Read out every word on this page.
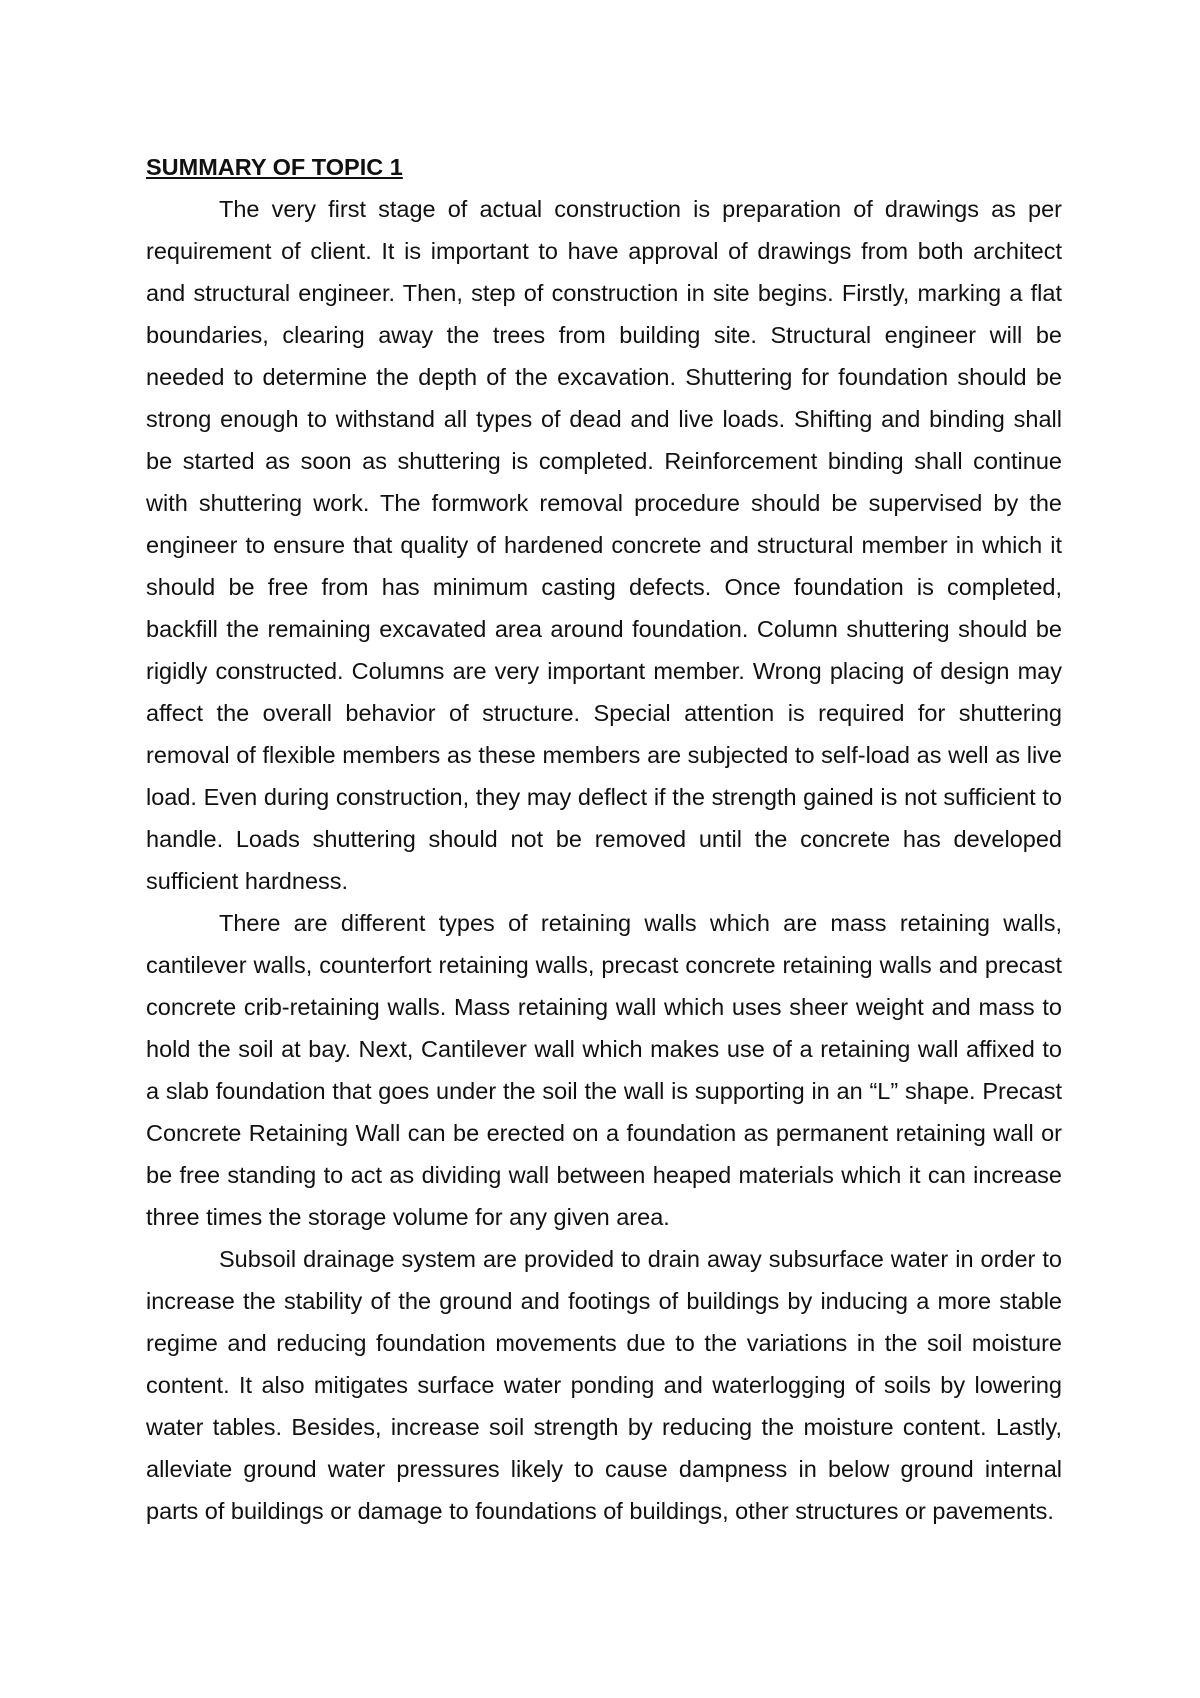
SUMMARY OF TOPIC 1

The very first stage of actual construction is preparation of drawings as per requirement of client. It is important to have approval of drawings from both architect and structural engineer. Then, step of construction in site begins. Firstly, marking a flat boundaries, clearing away the trees from building site. Structural engineer will be needed to determine the depth of the excavation. Shuttering for foundation should be strong enough to withstand all types of dead and live loads. Shifting and binding shall be started as soon as shuttering is completed. Reinforcement binding shall continue with shuttering work. The formwork removal procedure should be supervised by the engineer to ensure that quality of hardened concrete and structural member in which it should be free from has minimum casting defects. Once foundation is completed, backfill the remaining excavated area around foundation. Column shuttering should be rigidly constructed. Columns are very important member. Wrong placing of design may affect the overall behavior of structure. Special attention is required for shuttering removal of flexible members as these members are subjected to self-load as well as live load. Even during construction, they may deflect if the strength gained is not sufficient to handle. Loads shuttering should not be removed until the concrete has developed sufficient hardness.

There are different types of retaining walls which are mass retaining walls, cantilever walls, counterfort retaining walls, precast concrete retaining walls and precast concrete crib-retaining walls. Mass retaining wall which uses sheer weight and mass to hold the soil at bay. Next, Cantilever wall which makes use of a retaining wall affixed to a slab foundation that goes under the soil the wall is supporting in an “L” shape. Precast Concrete Retaining Wall can be erected on a foundation as permanent retaining wall or be free standing to act as dividing wall between heaped materials which it can increase three times the storage volume for any given area.

Subsoil drainage system are provided to drain away subsurface water in order to increase the stability of the ground and footings of buildings by inducing a more stable regime and reducing foundation movements due to the variations in the soil moisture content. It also mitigates surface water ponding and waterlogging of soils by lowering water tables. Besides, increase soil strength by reducing the moisture content. Lastly, alleviate ground water pressures likely to cause dampness in below ground internal parts of buildings or damage to foundations of buildings, other structures or pavements.
